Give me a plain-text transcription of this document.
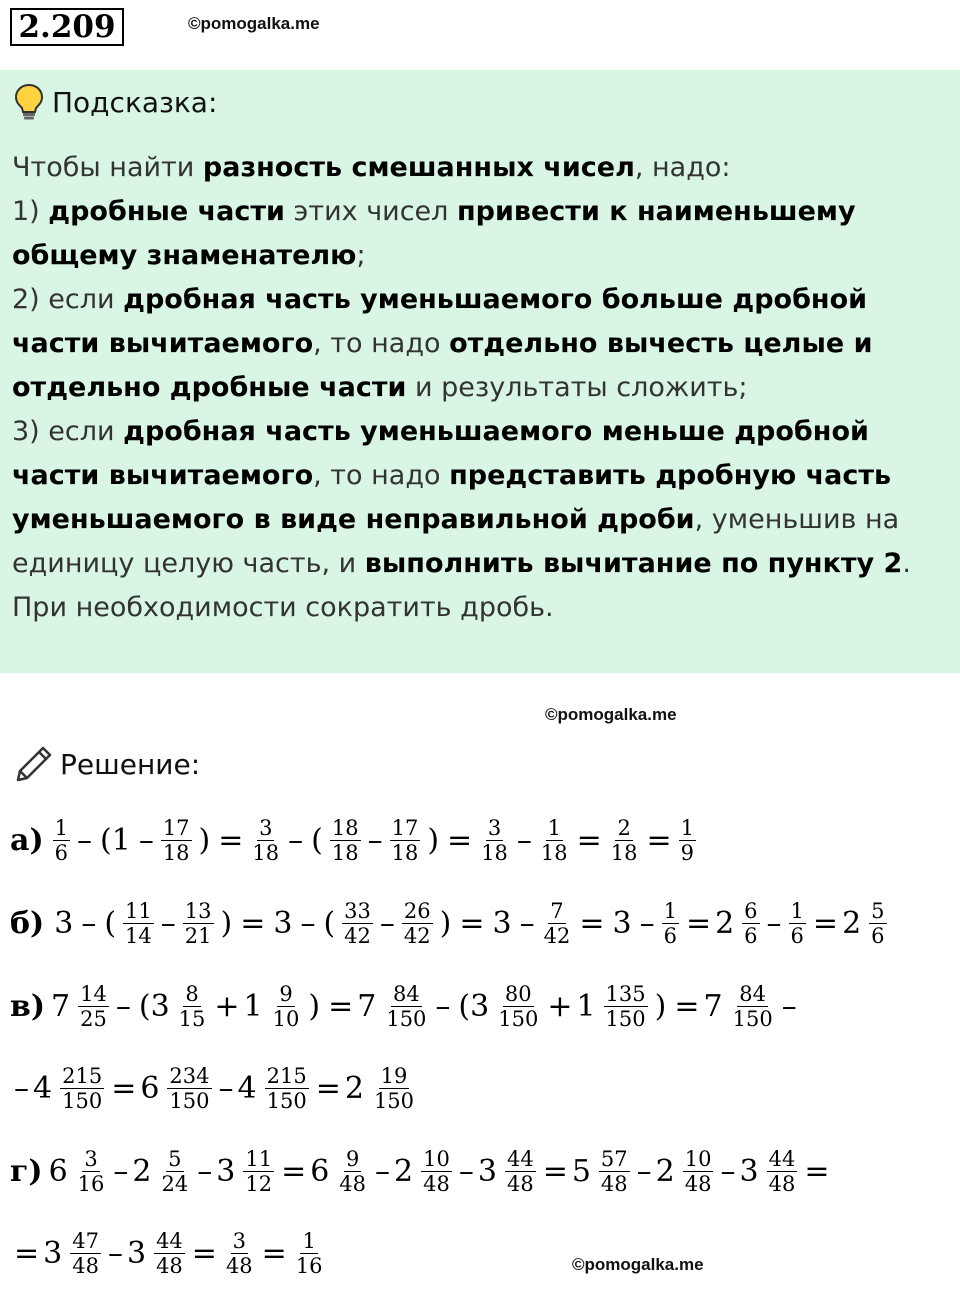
2.209	©pomogalka.me
Подсказка:
Чтобы найти разность смешанных чисел, надо:
1) дробные части этих чисел привести к наименьшему общему знаменателю;
2) если дробная часть уменьшаемого больше дробной части вычитаемого, то надо отдельно вычесть целые и отдельно дробные части и результаты сложить;
3) если дробная часть уменьшаемого меньше дробной части вычитаемого, то надо представить дробную часть уменьшаемого в виде неправильной дроби, уменьшив на единицу целую часть, и выполнить вычитание по пункту 2.
При необходимости сократить дробь.
©pomogalka.me
Решение:
$а) \frac{1}{6} - (1 - \frac{17}{18}$ ) = $\frac{3}{18}$ – ( $\frac{18}{18} - \frac{17}{18}$ ) = $\frac{3}{18} - \frac{1}{18} = \frac{2}{18} = \frac{1}{9}$
б) 3 – ( $\frac{11}{14} - \frac{13}{21}$ ) = 3 – ( $\frac{33}{42} - \frac{26}{42}$ ) = $3 - \frac{7}{42} = 3 - \frac{1}{6} = 2 \frac{6}{6} - \frac{1}{6} = 2 \frac{5}{6}$
в) $7 \frac{14}{25} - (3 \frac{8}{15} + 1 \frac{9}{10}$ ) = $7 \frac{84}{150} - (3 \frac{80}{150} + 1 \frac{135}{150}$ ) = $7 \frac{84}{150}$ –
– $4 \frac{215}{150} = 6 \frac{234}{150} - 4 \frac{215}{150} = 2 \frac{19}{150}$
г) $6 \frac{3}{16} - 2 \frac{5}{24} - 3 \frac{11}{12} = 6 \frac{9}{48} - 2 \frac{10}{48} - 3 \frac{44}{48} = 5 \frac{57}{48} - 2 \frac{10}{48} - 3 \frac{44}{48}$ =
= $3 \frac{47}{48} - 3 \frac{44}{48} = \frac{3}{48} = \frac{1}{16}$	©pomogalka.me
